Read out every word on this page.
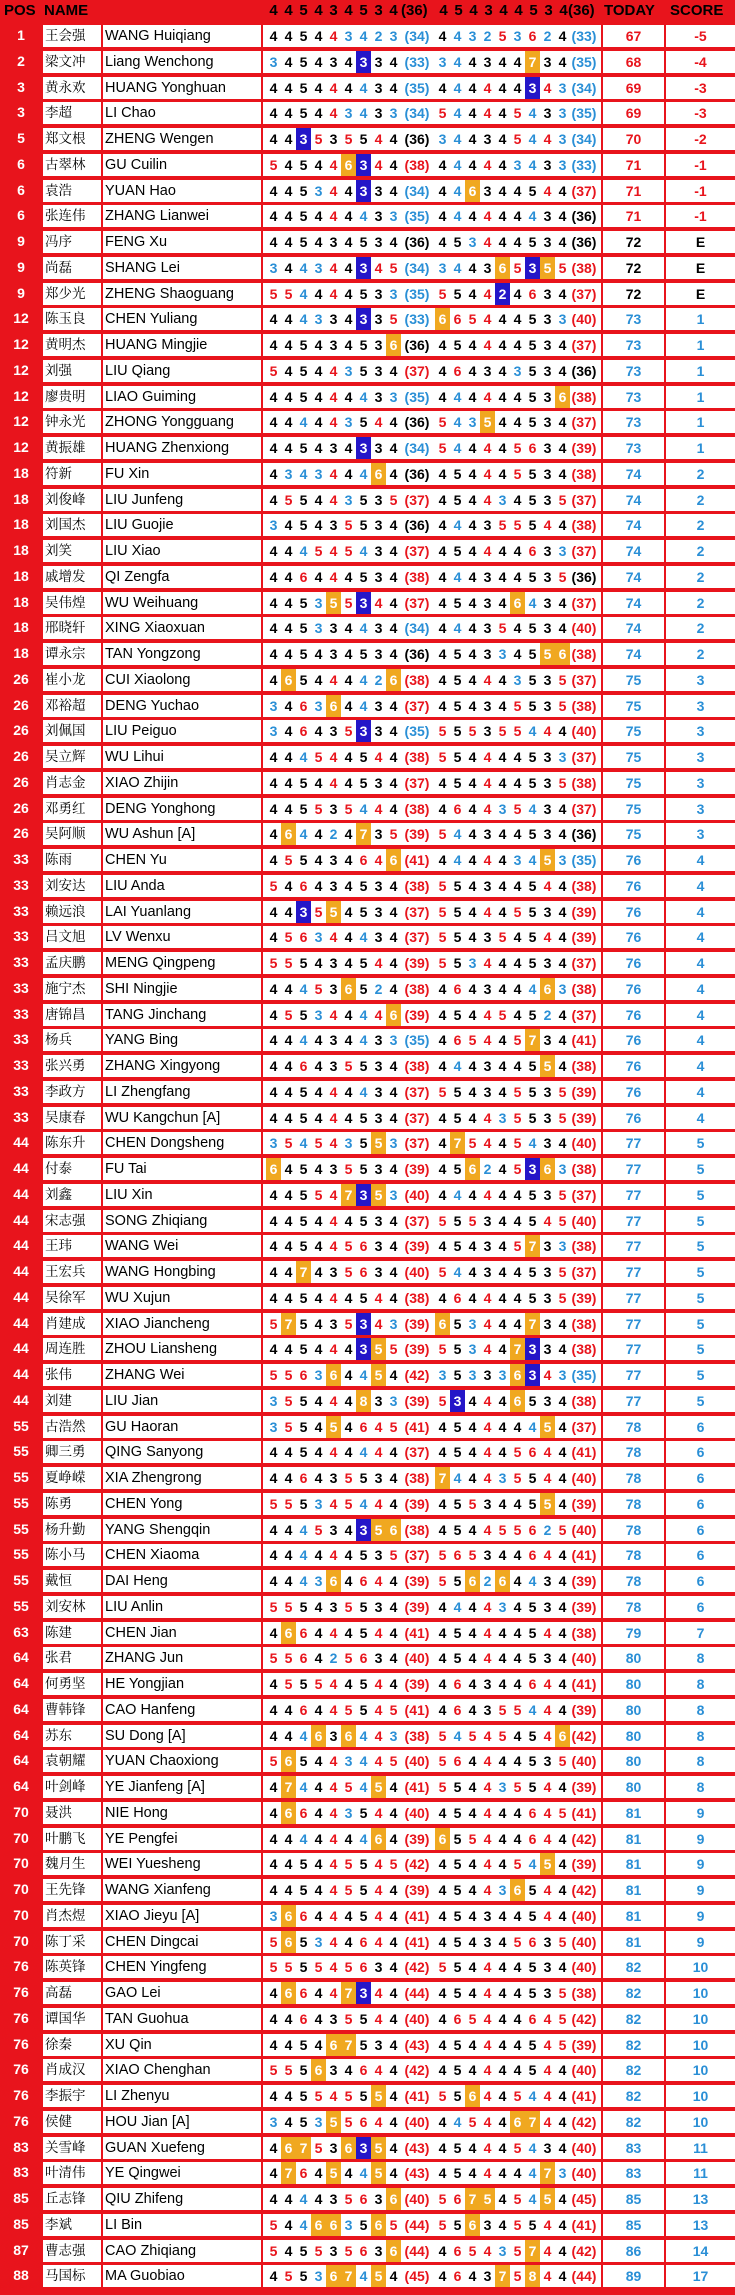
POS NAME	4 4 5 4 3 4 5 3 4 (36) 4 5 4 3 4 4 5 3 4 (36) TODAY SCORE
1	王会强	WANG Huiqiang	4 4 5 4 4 3 4 2 3 (34) 4 4 3 2 5 3 6 2 4 (33)	67	-5
2	梁文冲	Liang Wenchong	3 4 5 4 3 4 3 3 4 (33) 3 4 4 3 4 4 7 3 4 (35)	68	-4
3	黄永欢	HUANG Yonghuan	4 4 5 4 4 4 4 3 4 (35) 4 4 4 4 4 4 3 4 3 (34)	69	-3
3	李超	LI Chao	4 4 5 4 4 3 4 3 3 (34) 5 4 4 4 4 5 4 3 3 (35)	69	-3
5	郑文根	ZHENG Wengen	4 4 3 5 3 5 5 4 4 (36) 3 4 4 3 4 5 4 4 3 (34)	70	-2
6	古翠林	GU Cuilin	5 4 5 4 4 6 3 4 4 (38) 4 4 4 4 4 3 4 3 3 (33)	71	-1
6	袁浩	YUAN Hao	4 4 5 3 4 4 3 3 4 (34) 4 4 6 3 4 4 5 4 4 (37)	71	-1
6	张连伟	ZHANG Lianwei	4 4 5 4 4 4 4 3 3 (35) 4 4 4 4 4 4 4 3 4 (36)	71	-1
9	冯序	FENG Xu	4 4 5 4 3 4 5 3 4 (36) 4 5 3 4 4 4 5 3 4 (36)	72	E
9	尚磊	SHANG Lei	3 4 4 3 4 4 3 4 5 (34) 3 4 4 3 6 5 3 5 5 (38)	72	E
9	郑少光	ZHENG Shaoguang	5 5 4 4 4 4 5 3 3 (35) 5 5 4 4 2 4 6 3 4 (37)	72	E
12	陈玉良	CHEN Yuliang	4 4 4 3 3 4 3 3 5 (33) 6 6 5 4 4 4 5 3 3 (40)	73	1
12	黄明杰	HUANG Mingjie	4 4 5 4 3 4 5 3 6 (36) 4 5 4 4 4 4 5 3 4 (37)	73	1
12	刘强	LIU Qiang	5 4 5 4 4 3 5 3 4 (37) 4 6 4 3 4 3 5 3 4 (36)	73	1
12	廖贵明	LIAO Guiming	4 4 5 4 4 4 4 3 3 (35) 4 4 4 4 4 4 5 3 6 (38)	73	1
12	钟永光	ZHONG Yongguang	4 4 4 4 4 3 5 4 4 (36) 5 4 3 5 4 4 5 3 4 (37)	73	1
12	黄振雄	HUANG Zhenxiong	4 4 5 4 3 4 3 3 4 (34) 5 4 4 4 4 5 6 3 4 (39)	73	1
18	符新	FU Xin	4 3 4 3 4 4 4 6 4 (36) 4 5 4 4 4 5 5 3 4 (38)	74	2
18	刘俊峰	LIU Junfeng	4 5 5 4 4 3 5 3 5 (37) 4 5 4 4 3 4 5 3 5 (37)	74	2
18	刘国杰	LIU Guojie	3 4 5 4 3 5 5 3 4 (36) 4 4 4 3 5 5 5 4 4 (38)	74	2
18	刘笑	LIU Xiao	4 4 4 5 4 5 4 3 4 (37) 4 5 4 4 4 4 6 3 3 (37)	74	2
18	戚增发	QI Zengfa	4 4 6 4 4 4 5 3 4 (38) 4 4 4 3 4 4 5 3 5 (36)	74	2
18	吴伟煌	WU Weihuang	4 4 5 3 5 5 3 4 4 (37) 4 5 4 3 4 6 4 3 4 (37)	74	2
18	邢晓轩	XING Xiaoxuan	4 4 5 3 3 4 4 3 4 (34) 4 4 4 3 5 4 5 3 4 (40)	74	2
18	谭永宗	TAN Yongzong	4 4 5 4 3 4 5 3 4 (36) 4 5 4 3 3 4 5 5 6 (38)	74	2
26	崔小龙	CUI Xiaolong	4 6 5 4 4 4 4 2 6 (38) 4 5 4 4 4 3 5 3 5 (37)	75	3
26	邓裕超	DENG Yuchao	3 4 6 3 6 4 4 3 4 (37) 4 5 4 3 4 5 5 3 5 (38)	75	3
26	刘佩国	LIU Peiguo	3 4 6 4 3 5 3 3 4 (35) 5 5 5 3 5 5 4 4 4 (40)	75	3
26	吴立辉	WU Lihui	4 4 4 5 4 4 5 4 4 (38) 5 5 4 4 4 4 5 3 3 (37)	75	3
26	肖志金	XIAO Zhijin	4 4 5 4 4 4 5 3 4 (37) 4 5 4 4 4 4 5 3 5 (38)	75	3
26	邓勇红	DENG Yonghong	4 4 5 5 3 5 4 4 4 (38) 4 6 4 4 3 5 4 3 4 (37)	75	3
26	吴阿顺	WU Ashun [A]	4 6 4 4 2 4 7 3 5 (39) 5 4 4 3 4 4 5 3 4 (36)	75	3
33	陈雨	CHEN Yu	4 5 5 4 3 4 6 4 6 (41) 4 4 4 4 4 3 4 5 3 (35)	76	4
33	刘安达	LIU Anda	5 4 6 4 3 4 5 3 4 (38) 5 5 4 3 4 4 5 4 4 (38)	76	4
33	赖远浪	LAI Yuanlang	4 4 3 5 5 4 5 3 4 (37) 5 5 4 4 4 5 5 3 4 (39)	76	4
33	吕文旭	LV Wenxu	4 5 6 3 4 4 4 3 4 (37) 5 5 4 3 5 4 5 4 4 (39)	76	4
33	孟庆鹏	MENG Qingpeng	5 5 5 4 3 4 5 4 4 (39) 5 5 3 4 4 4 5 3 4 (37)	76	4
33	施宁杰	SHI Ningjie	4 4 4 5 3 6 5 2 4 (38) 4 6 4 3 4 4 4 6 3 (38)	76	4
33	唐锦昌	TANG Jinchang	4 5 5 3 4 4 4 4 6 (39) 4 5 4 4 5 4 5 2 4 (37)	76	4
33	杨兵	YANG Bing	4 4 4 4 3 4 4 3 3 (35) 4 6 5 4 4 5 7 3 4 (41)	76	4
33	张兴勇	ZHANG Xingyong	4 4 6 4 3 5 5 3 4 (38) 4 4 4 3 4 4 5 5 4 (38)	76	4
33	李政方	LI Zhengfang	4 4 5 4 4 4 4 3 4 (37) 5 5 4 3 4 5 5 3 5 (39)	76	4
33	吴康春	WU Kangchun [A]	4 4 5 4 4 4 5 3 4 (37) 4 5 4 4 3 5 5 3 5 (39)	76	4
44	陈东升	CHEN Dongsheng	3 5 4 5 4 3 5 5 3 (37) 4 7 5 4 4 5 4 3 4 (40)	77	5
44	付泰	FU Tai	6 4 5 4 3 5 5 3 4 (39) 4 5 6 2 4 5 3 6 3 (38)	77	5
44	刘鑫	LIU Xin	4 4 5 5 4 7 3 5 3 (40) 4 4 4 4 4 4 5 3 5 (37)	77	5
44	宋志强	SONG Zhiqiang	4 4 5 4 4 4 5 3 4 (37) 5 5 5 3 4 4 5 4 5 (40)	77	5
44	王玮	WANG Wei	4 4 5 4 4 5 6 3 4 (39) 4 5 4 3 4 5 7 3 3 (38)	77	5
44	王宏兵	WANG Hongbing	4 4 7 4 3 5 6 3 4 (40) 5 4 4 3 4 4 5 3 5 (37)	77	5
44	吴徐军	WU Xujun	4 4 5 4 4 4 5 4 4 (38) 4 6 4 4 4 4 5 3 5 (39)	77	5
44	肖建成	XIAO Jiancheng	5 7 5 4 3 5 3 4 3 (39) 6 5 3 4 4 4 7 3 4 (38)	77	5
44	周连胜	ZHOU Liansheng	4 4 5 4 4 4 3 5 5 (39) 5 5 3 4 4 7 3 3 4 (38)	77	5
44	张伟	ZHANG Wei	5 5 6 3 6 4 4 5 4 (42) 3 5 3 3 3 6 3 4 3 (35)	77	5
44	刘建	LIU Jian	3 5 5 4 4 4 8 3 3 (39) 5 3 4 4 4 6 5 3 4 (38)	77	5
55	古浩然	GU Haoran	3 5 5 4 5 4 6 4 5 (41) 4 5 4 4 4 4 4 5 4 (37)	78	6
55	卿三勇	QING Sanyong	4 4 5 4 4 4 4 4 4 (37) 4 5 4 4 4 5 6 4 4 (41)	78	6
55	夏峥嵘	XIA Zhengrong	4 4 6 4 3 5 5 3 4 (38) 7 4 4 4 3 5 5 4 4 (40)	78	6
55	陈勇	CHEN Yong	5 5 5 3 4 5 4 4 4 (39) 4 5 5 3 4 4 5 5 4 (39)	78	6
55	杨升勤	YANG Shengqin	4 4 4 5 3 4 3 5 6 (38) 4 5 4 4 5 5 6 2 5 (40)	78	6
55	陈小马	CHEN Xiaoma	4 4 4 4 4 4 5 3 5 (37) 5 6 5 3 4 4 6 4 4 (41)	78	6
55	戴恒	DAI Heng	4 4 4 3 6 4 6 4 4 (39) 5 5 6 2 6 4 4 3 4 (39)	78	6
55	刘安林	LIU Anlin	5 5 5 4 3 5 5 3 4 (39) 4 4 4 4 3 4 5 3 4 (39)	78	6
63	陈建	CHEN Jian	4 6 6 4 4 4 5 4 4 (41) 4 5 4 4 4 4 5 4 4 (38)	79	7
64	张君	ZHANG Jun	5 5 6 4 2 5 6 3 4 (40) 4 5 4 4 4 4 5 3 4 (40)	80	8
64	何勇坚	HE Yongjian	4 5 5 5 4 4 5 4 4 (39) 4 6 4 3 4 4 6 4 4 (41)	80	8
64	曹韩锋	CAO Hanfeng	4 4 6 4 4 5 5 4 5 (41) 4 6 4 3 5 5 4 4 4 (39)	80	8
64	苏东	SU Dong [A]	4 4 4 6 3 6 4 4 3 (38) 5 4 5 4 5 4 5 4 6 (42)	80	8
64	袁朝耀	YUAN Chaoxiong	5 6 5 4 4 3 4 4 5 (40) 5 6 4 4 4 4 5 3 5 (40)	80	8
64	叶剑峰	YE Jianfeng [A]	4 7 4 4 4 5 4 5 4 (41) 5 5 4 4 3 5 5 4 4 (39)	80	8
70	聂洪	NIE Hong	4 6 6 4 4 3 5 4 4 (40) 4 5 4 4 4 4 6 4 5 (41)	81	9
70	叶鹏飞	YE Pengfei	4 4 4 4 4 4 4 6 4 (39) 6 5 5 4 4 4 6 4 4 (42)	81	9
70	魏月生	WEI Yuesheng	4 4 5 4 4 5 5 4 5 (42) 4 5 4 4 4 5 4 5 4 (39)	81	9
70	王先锋	WANG Xianfeng	4 4 5 4 4 5 5 4 4 (39) 4 5 4 4 3 6 5 4 4 (42)	81	9
70	肖杰煜	XIAO Jieyu [A]	3 6 6 4 4 4 5 4 4 (41) 4 5 4 3 4 4 5 4 4 (40)	81	9
70	陈丁采	CHEN Dingcai	5 6 5 3 4 4 6 4 4 (41) 4 5 4 3 4 5 6 3 5 (40)	81	9
76	陈英锋	CHEN Yingfeng	5 5 5 5 4 5 6 3 4 (42) 5 5 4 4 4 4 5 3 4 (40)	82	10
76	高磊	GAO Lei	4 6 6 4 4 7 3 4 4 (44) 4 5 4 4 4 4 5 3 5 (38)	82	10
76	谭国华	TAN Guohua	4 4 6 4 3 5 5 4 4 (40) 4 6 5 4 4 4 6 4 5 (42)	82	10
76	徐秦	XU Qin	4 4 5 4 6 7 5 3 4 (43) 4 5 4 4 4 4 5 4 5 (39)	82	10
76	肖成汉	XIAO Chenghan	5 5 5 6 3 4 6 4 4 (42) 4 5 4 4 4 4 5 4 4 (40)	82	10
76	李振宇	LI Zhenyu	4 4 5 5 4 5 5 5 4 (41) 5 5 6 4 4 5 4 4 4 (41)	82	10
76	侯健	HOU Jian [A]	3 4 5 3 5 5 6 4 4 (40) 4 4 5 4 4 6 7 4 4 (42)	82	10
83	关雪峰	GUAN Xuefeng	4 6 7 5 3 6 3 5 4 (43) 4 5 4 4 4 5 4 3 4 (40)	83	11
83	叶清伟	YE Qingwei	4 7 6 4 5 4 4 5 4 (43) 4 5 4 4 4 4 4 7 3 (40)	83	11
85	丘志锋	QIU Zhifeng	4 4 4 4 3 5 6 3 6 (40) 5 6 7 5 4 5 4 5 4 (45)	85	13
85	李斌	LI Bin	5 4 4 6 6 3 5 6 5 (44) 5 5 6 3 4 5 5 4 4 (41)	85	13
87	曹志强	CAO Zhiqiang	5 4 5 5 3 5 6 3 6 (44) 4 6 5 4 3 5 7 4 4 (42)	86	14
88	马国标	MA Guobiao	4 5 5 3 6 7 4 5 4 (45) 4 6 4 3 7 5 8 4 4 (44)	89	17
